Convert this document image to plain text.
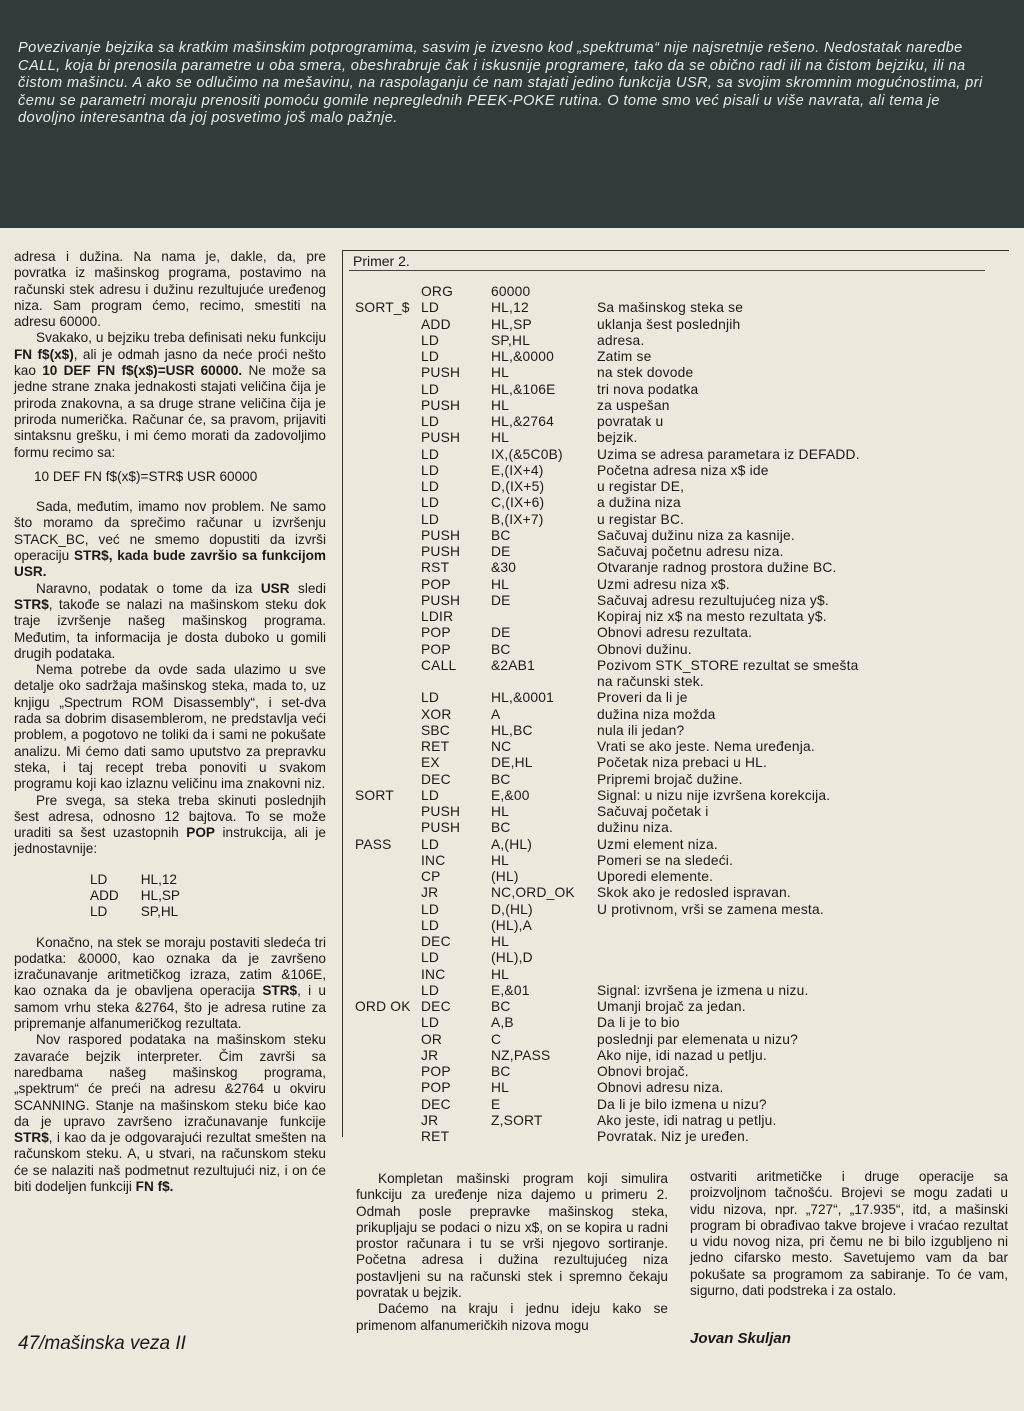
Povezivanje bejzika sa kratkim mašinskim potprogramima, sasvim je izvesno kod „spektruma“ nije najsretnije rešeno. Nedostatak naredbe CALL, koja bi prenosila parametre u oba smera, obeshrabruje čak i iskusnije programere, tako da se obično radi ili na čistom bejziku, ili na čistom mašincu. A ako se odlučimo na mešavinu, na raspolaganju će nam stajati jedino funkcija USR, sa svojim skromnim mogućnostima, pri čemu se parametri moraju prenositi pomoću gomile nepreglednih PEEK-POKE rutina. O tome smo već pisali u više navrata, ali tema je dovoljno interesantna da joj posvetimo još malo pažnje.

adresa i dužina. Na nama je, dakle, da, pre povratka iz mašinskog programa, postavimo na računski stek adresu i dužinu rezultujuće uređenog niza. Sam program ćemo, recimo, smestiti na adresu 60000.

Svakako, u bejziku treba definisati neku funkciju FN f$(x$), ali je odmah jasno da neće proći nešto kao 10 DEF FN f$(x$)=USR 60000. Ne može sa jedne strane znaka jednakosti stajati veličina čija je priroda znakovna, a sa druge strane veličina čija je priroda numerička. Računar će, sa pravom, prijaviti sintaksnu grešku, i mi ćemo morati da zadovoljimo formu recimo sa:

10 DEF FN f$(x$)=STR$ USR 60000

Sada, međutim, imamo nov problem. Ne samo što moramo da sprečimo računar u izvršenju STACK_BC, već ne smemo dopustiti da izvrši operaciju STR$, kada bude završio sa funkcijom USR.

Naravno, podatak o tome da iza USR sledi STR$, takođe se nalazi na mašinskom steku dok traje izvršenje našeg mašinskog programa. Međutim, ta informacija je dosta duboko u gomili drugih podataka.

Nema potrebe da ovde sada ulazimo u sve detalje oko sadržaja mašinskog steka, mada to, uz knjigu „Spectrum ROM Disassembly“, i set-dva rada sa dobrim disasemblerom, ne predstavlja veći problem, a pogotovo ne toliki da i sami ne pokušate analizu. Mi ćemo dati samo uputstvo za prepravku steka, i taj recept treba ponoviti u svakom programu koji kao izlaznu veličinu ima znakovni niz.

Pre svega, sa steka treba skinuti poslednjih šest adresa, odnosno 12 bajtova. To se može uraditi sa šest uzastopnih POP instrukcija, ali je jednostavnije:

LD	HL,12
ADD	HL,SP
LD	SP,HL

Konačno, na stek se moraju postaviti sledeća tri podatka: &0000, kao oznaka da je završeno izračunavanje aritmetičkog izraza, zatim &106E, kao oznaka da je obavljena operacija STR$, i u samom vrhu steka &2764, što je adresa rutine za pripremanje alfanumeričkog rezultata.

Nov raspored podataka na mašinskom steku zavaraće bejzik interpreter. Čim završi sa naredbama našeg mašinskog programa, „spektrum“ će preći na adresu &2764 u okviru SCANNING. Stanje na mašinskom steku biće kao da je upravo završeno izračunavanje funkcije STR$, i kao da je odgovarajući rezultat smešten na računskom steku. A, u stvari, na računskom steku će se nalaziti naš podmetnut rezultujući niz, i on će biti dodeljen funkciji FN f$.

Primer 2.
	ORG	60000	
SORT_$	LD	HL,12	Sa mašinskog steka se
	ADD	HL,SP	uklanja šest poslednjih
	LD	SP,HL	adresa.
	LD	HL,&0000	Zatim se
	PUSH	HL	na stek dovode
	LD	HL,&106E	tri nova podatka
	PUSH	HL	za uspešan
	LD	HL,&2764	povratak u
	PUSH	HL	bejzik.
	LD	IX,(&5C0B)	Uzima se adresa parametara iz DEFADD.
	LD	E,(IX+4)	Početna adresa niza x$ ide
	LD	D,(IX+5)	u registar DE,
	LD	C,(IX+6)	a dužina niza
	LD	B,(IX+7)	u registar BC.
	PUSH	BC	Sačuvaj dužinu niza za kasnije.
	PUSH	DE	Sačuvaj početnu adresu niza.
	RST	&30	Otvaranje radnog prostora dužine BC.
	POP	HL	Uzmi adresu niza x$.
	PUSH	DE	Sačuvaj adresu rezultujućeg niza y$.
	LDIR		Kopiraj niz x$ na mesto rezultata y$.
	POP	DE	Obnovi adresu rezultata.
	POP	BC	Obnovi dužinu.
	CALL	&2AB1	Pozivom STK_STORE rezultat se smešta
			na računski stek.
	LD	HL,&0001	Proveri da li je
	XOR	A	dužina niza možda
	SBC	HL,BC	nula ili jedan?
	RET	NC	Vrati se ako jeste. Nema uređenja.
	EX	DE,HL	Početak niza prebaci u HL.
	DEC	BC	Pripremi brojač dužine.
SORT	LD	E,&00	Signal: u nizu nije izvršena korekcija.
	PUSH	HL	Sačuvaj početak i
	PUSH	BC	dužinu niza.
PASS	LD	A,(HL)	Uzmi element niza.
	INC	HL	Pomeri se na sledeći.
	CP	(HL)	Uporedi elemente.
	JR	NC,ORD_OK	Skok ako je redosled ispravan.
	LD	D,(HL)	U protivnom, vrši se zamena mesta.
	LD	(HL),A	
	DEC	HL	
	LD	(HL),D	
	INC	HL	
	LD	E,&01	Signal: izvršena je izmena u nizu.
ORD OK	DEC	BC	Umanji brojač za jedan.
	LD	A,B	Da li je to bio
	OR	C	poslednji par elemenata u nizu?
	JR	NZ,PASS	Ako nije, idi nazad u petlju.
	POP	BC	Obnovi brojač.
	POP	HL	Obnovi adresu niza.
	DEC	E	Da li je bilo izmena u nizu?
	JR	Z,SORT	Ako jeste, idi natrag u petlju.
	RET		Povratak. Niz je uređen.

Kompletan mašinski program koji simulira funkciju za uređenje niza dajemo u primeru 2. Odmah posle prepravke mašinskog steka, prikupljaju se podaci o nizu x$, on se kopira u radni prostor računara i tu se vrši njegovo sortiranje. Početna adresa i dužina rezultujućeg niza postavljeni su na računski stek i spremno čekaju povratak u bejzik.

Daćemo na kraju i jednu ideju kako se primenom alfanumeričkih nizova mogu

ostvariti aritmetičke i druge operacije sa proizvoljnom tačnošću. Brojevi se mogu zadati u vidu nizova, npr. „727“, „17.935“, itd, a mašinski program bi obrađivao takve brojeve i vraćao rezultat u vidu novog niza, pri čemu ne bi bilo izgubljeno ni jedno cifarsko mesto. Savetujemo vam da bar pokušate sa programom za sabiranje. To će vam, sigurno, dati podstreka i za ostalo.

Jovan Skuljan
47/mašinska veza II
